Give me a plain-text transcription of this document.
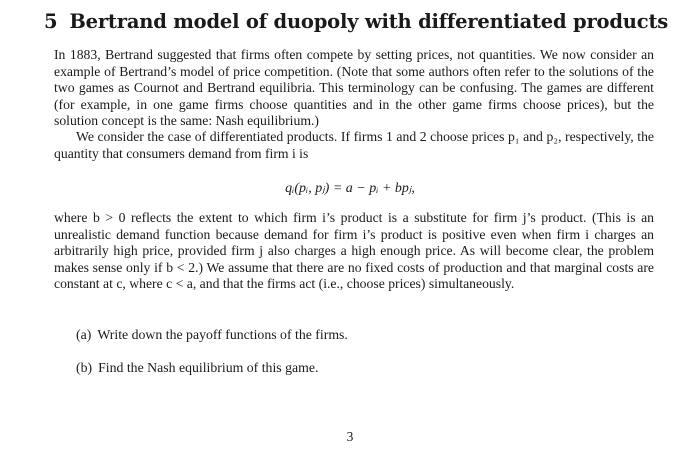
5 Bertrand model of duopoly with differentiated products
In 1883, Bertrand suggested that firms often compete by setting prices, not quantities. We now consider an example of Bertrand’s model of price competition. (Note that some authors often refer to the solutions of the two games as Cournot and Bertrand equilibria. This terminology can be confusing. The games are different (for example, in one game firms choose quantities and in the other game firms choose prices), but the solution concept is the same: Nash equilibrium.)
We consider the case of differentiated products. If firms 1 and 2 choose prices p₁ and p₂, respectively, the quantity that consumers demand from firm i is
qᵢ(pᵢ, pⱼ) = a − pᵢ + bpⱼ,
where b > 0 reflects the extent to which firm i’s product is a substitute for firm j’s product. (This is an unrealistic demand function because demand for firm i’s product is positive even when firm i charges an arbitrarily high price, provided firm j also charges a high enough price. As will become clear, the problem makes sense only if b < 2.) We assume that there are no fixed costs of production and that marginal costs are constant at c, where c < a, and that the firms act (i.e., choose prices) simultaneously.
(a) Write down the payoff functions of the firms.
(b) Find the Nash equilibrium of this game.
3
